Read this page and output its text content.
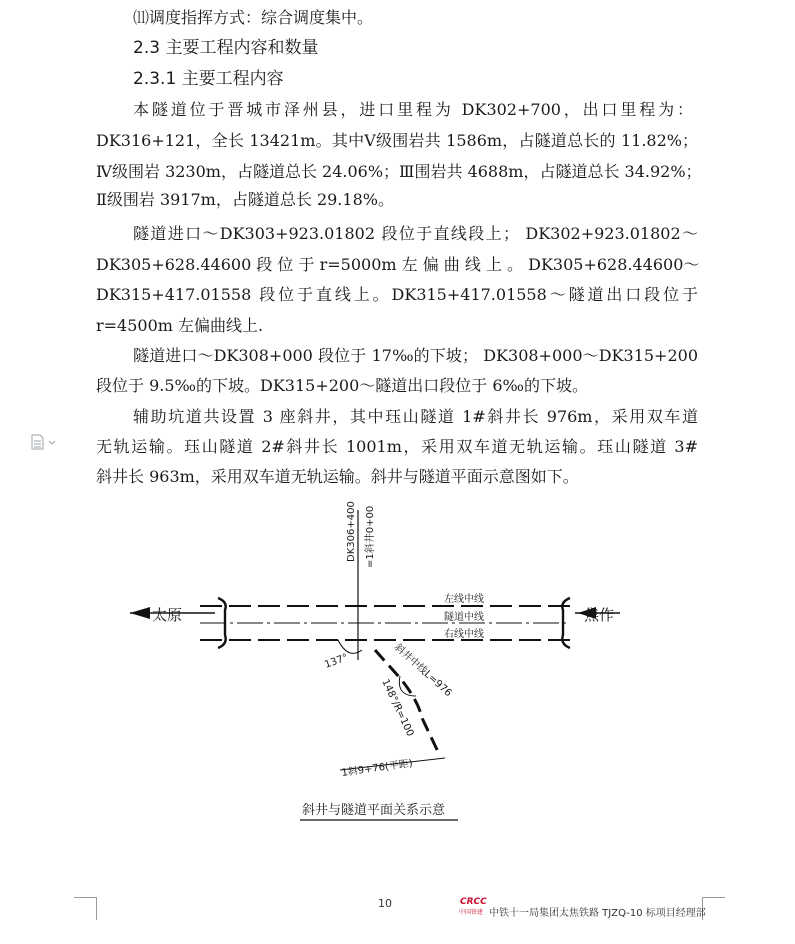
⑾调度指挥方式：综合调度集中。
2.3 主要工程内容和数量
2.3.1 主要工程内容
本隧道位于晋城市泽州县，进口里程为 DK302+700，出口里程为：
DK316+121，全长 13421m。其中Ⅴ级围岩共 1586m，占隧道总长的 11.82%；
Ⅳ级围岩 3230m，占隧道总长 24.06%；Ⅲ围岩共 4688m，占隧道总长 34.92%；
Ⅱ级围岩 3917m，占隧道总长 29.18%。
隧道进口～DK303+923.01802 段位于直线段上； DK302+923.01802～
DK305+628.44600 段 位 于 r=5000m 左 偏 曲 线 上 。 DK305+628.44600～
DK315+417.01558 段位于直线上。DK315+417.01558～隧道出口段位于
r=4500m 左偏曲线上.
隧道进口～DK308+000 段位于 17‰的下坡； DK308+000～DK315+200
段位于 9.5‰的下坡。DK315+200～隧道出口段位于 6‰的下坡。
辅助坑道共设置 3 座斜井，其中珏山隧道 1#斜井长 976m，采用双车道
无轨运输。珏山隧道 2#斜井长 1001m，采用双车道无轨运输。珏山隧道 3#
斜井长 963m，采用双车道无轨运输。斜井与隧道平面示意图如下。
太原	焦作
左线中线
隧道中线
右线中线
DK306+400 =1斜井0+00
137°
148°/R=100
斜井中线L=976
1斜9+76(平距)
斜井与隧道平面关系示意
10	CRCC
中国铁建 中铁十一局集团太焦铁路 TJZQ-10 标项目经理部
